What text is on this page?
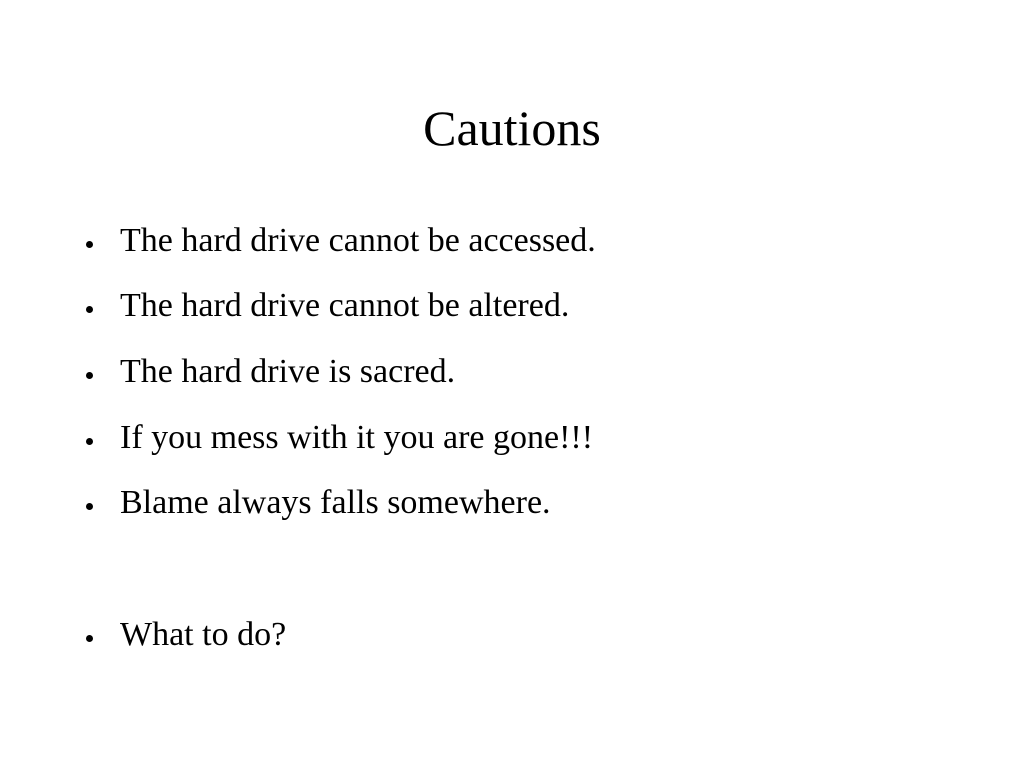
Cautions
The hard drive cannot be accessed.
The hard drive cannot be altered.
The hard drive is sacred.
If you mess with it you are gone!!!
Blame always falls somewhere.
What to do?
